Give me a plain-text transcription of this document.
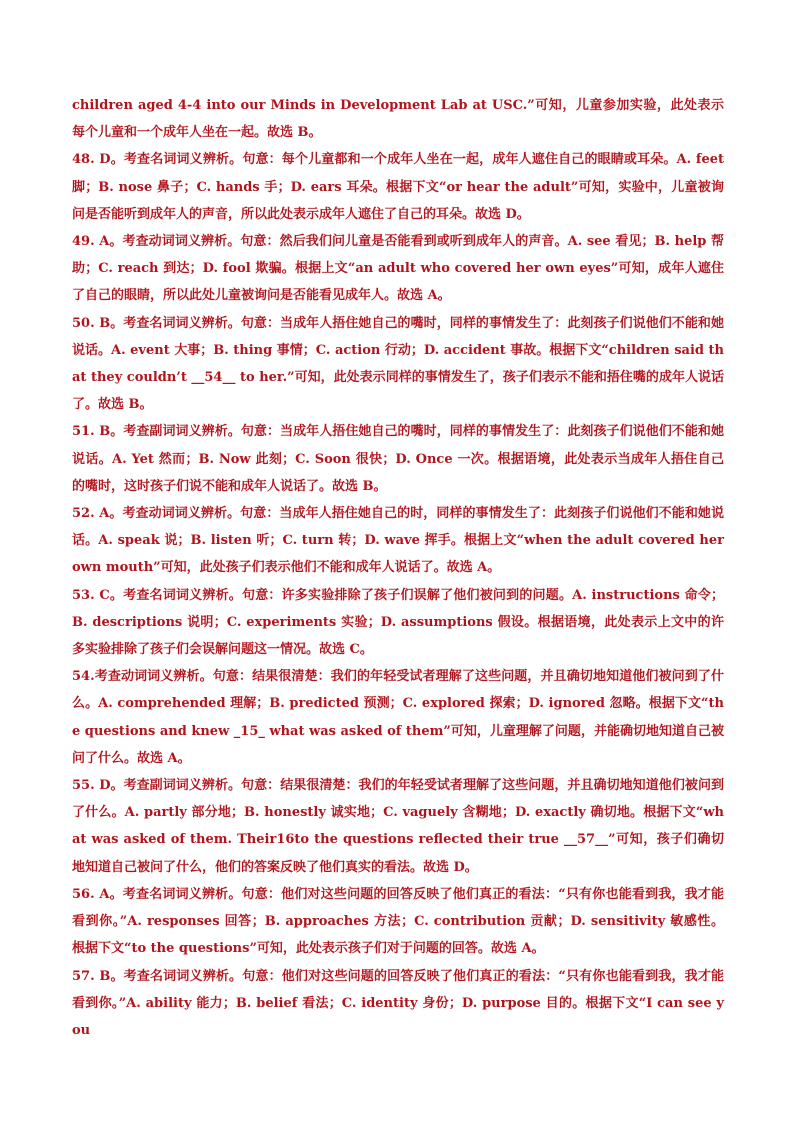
children aged 4-4 into our Minds in Development Lab at USC.”可知，儿童参加实验，此处表示每个儿童和一个成年人坐在一起。故选 B。

48. D。考查名词词义辨析。句意：每个儿童都和一个成年人坐在一起，成年人遮住自己的眼睛或耳朵。A. feet 脚；B. nose 鼻子；C. hands 手；D. ears 耳朵。根据下文“or hear the adult”可知，实验中，儿童被询问是否能听到成年人的声音，所以此处表示成年人遮住了自己的耳朵。故选 D。

49. A。考查动词词义辨析。句意：然后我们问儿童是否能看到或听到成年人的声音。A. see 看见；B. help 帮助；C. reach 到达；D. fool 欺骗。根据上文“an adult who covered her own eyes”可知，成年人遮住了自己的眼睛，所以此处儿童被询问是否能看见成年人。故选 A。

50. B。考查名词词义辨析。句意：当成年人捂住她自己的嘴时，同样的事情发生了：此刻孩子们说他们不能和她说话。A. event 大事；B. thing 事情；C. action 行动；D. accident 事故。根据下文“children said that they couldn’t __54__ to her.”可知，此处表示同样的事情发生了，孩子们表示不能和捂住嘴的成年人说话了。故选 B。

51. B。考查副词词义辨析。句意：当成年人捂住她自己的嘴时，同样的事情发生了：此刻孩子们说他们不能和她说话。A. Yet 然而；B. Now 此刻；C. Soon 很快；D. Once 一次。根据语境，此处表示当成年人捂住自己的嘴时，这时孩子们说不能和成年人说话了。故选 B。

52. A。考查动词词义辨析。句意：当成年人捂住她自己的时，同样的事情发生了：此刻孩子们说他们不能和她说话。A. speak 说；B. listen 听；C. turn 转；D. wave 挥手。根据上文“when the adult covered her own mouth”可知，此处孩子们表示他们不能和成年人说话了。故选 A。

53. C。考查名词词义辨析。句意：许多实验排除了孩子们误解了他们被问到的问题。A. instructions 命令；B. descriptions 说明；C. experiments 实验；D. assumptions 假设。根据语境，此处表示上文中的许多实验排除了孩子们会误解问题这一情况。故选 C。

54.考查动词词义辨析。句意：结果很清楚：我们的年轻受试者理解了这些问题，并且确切地知道他们被问到了什么。A. comprehended 理解；B. predicted 预测；C. explored 探索；D. ignored 忽略。根据下文“the questions and knew _15_ what was asked of them”可知，儿童理解了问题，并能确切地知道自己被问了什么。故选 A。

55. D。考查副词词义辨析。句意：结果很清楚：我们的年轻受试者理解了这些问题，并且确切地知道他们被问到了什么。A. partly 部分地；B. honestly 诚实地；C. vaguely 含糊地；D. exactly 确切地。根据下文“what was asked of them. Their16to the questions reflected their true __57__”可知，孩子们确切地知道自己被问了什么，他们的答案反映了他们真实的看法。故选 D。

56. A。考查名词词义辨析。句意：他们对这些问题的回答反映了他们真正的看法：“只有你也能看到我，我才能看到你。”A. responses 回答；B. approaches 方法；C. contribution 贡献；D. sensitivity 敏感性。根据下文“to the questions”可知，此处表示孩子们对于问题的回答。故选 A。

57. B。考查名词词义辨析。句意：他们对这些问题的回答反映了他们真正的看法：“只有你也能看到我，我才能看到你。”A. ability 能力；B. belief 看法；C. identity 身份；D. purpose 目的。根据下文“I can see you
